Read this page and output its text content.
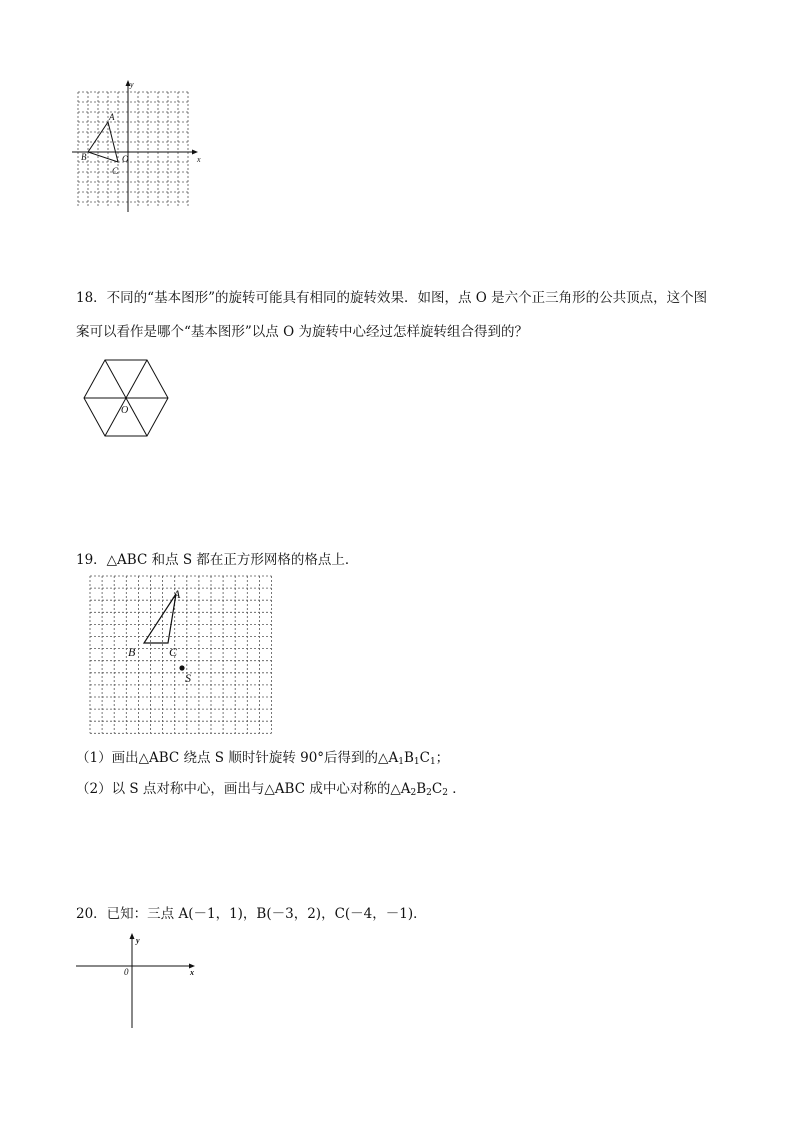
y
x
A
B	O
C
18．不同的“基本图形”的旋转可能具有相同的旋转效果．如图，点 O 是六个正三角形的公共顶点，这个图
案可以看作是哪个“基本图形”以点 O 为旋转中心经过怎样旋转组合得到的？
O
19．△ABC 和点 S 都在正方形网格的格点上．
A
B	C
S
（1）画出△ABC 绕点 S 顺时针旋转 90°后得到的$\triangle A_1B_1C_1$；
（2）以 S 点对称中心，画出与△ABC 成中心对称的$\triangle A_2B_2C_2$ ．
20．已知：三点 A(－1，1)，B(－3，2)，C(－4，－1)．
y
x
0
